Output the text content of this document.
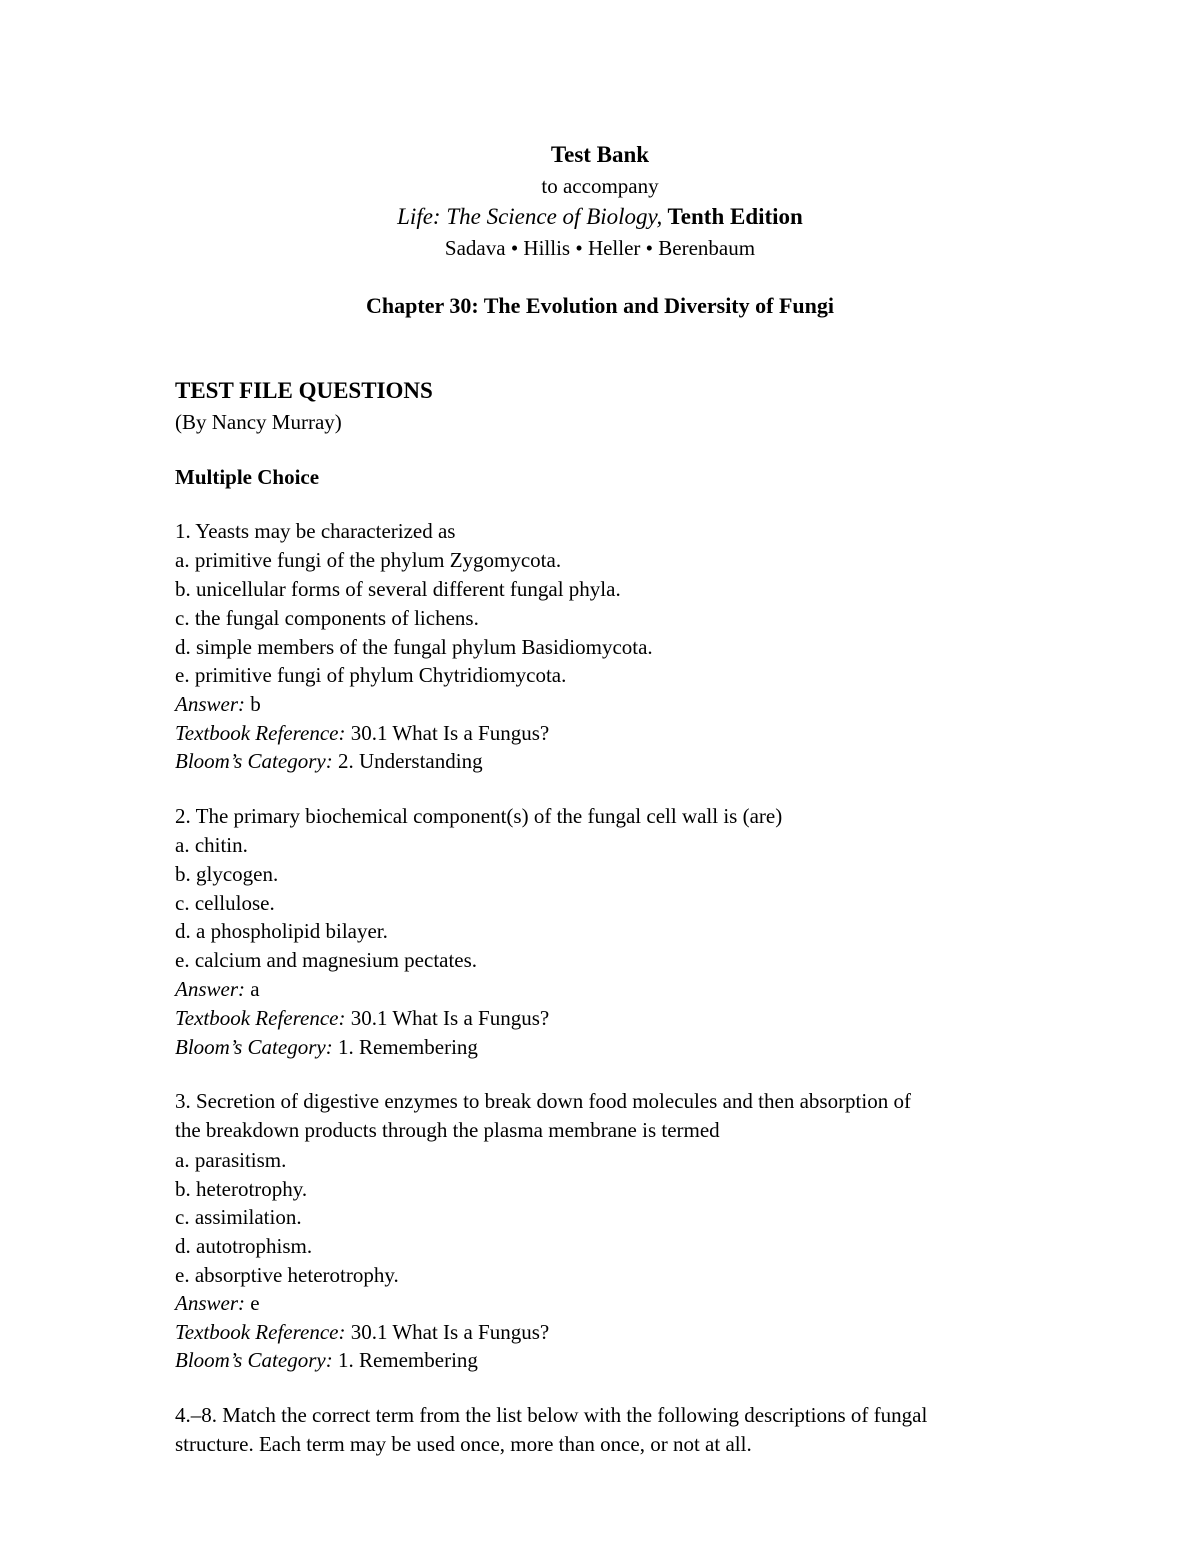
Test Bank
to accompany
Life: The Science of Biology, Tenth Edition
Sadava • Hillis • Heller • Berenbaum
Chapter 30: The Evolution and Diversity of Fungi
TEST FILE QUESTIONS
(By Nancy Murray)
Multiple Choice
1. Yeasts may be characterized as
a. primitive fungi of the phylum Zygomycota.
b. unicellular forms of several different fungal phyla.
c. the fungal components of lichens.
d. simple members of the fungal phylum Basidiomycota.
e. primitive fungi of phylum Chytridiomycota.
Answer: b
Textbook Reference: 30.1 What Is a Fungus?
Bloom’s Category: 2. Understanding
2. The primary biochemical component(s) of the fungal cell wall is (are)
a. chitin.
b. glycogen.
c. cellulose.
d. a phospholipid bilayer.
e. calcium and magnesium pectates.
Answer: a
Textbook Reference: 30.1 What Is a Fungus?
Bloom’s Category: 1. Remembering
3. Secretion of digestive enzymes to break down food molecules and then absorption of
the breakdown products through the plasma membrane is termed
a. parasitism.
b. heterotrophy.
c. assimilation.
d. autotrophism.
e. absorptive heterotrophy.
Answer: e
Textbook Reference: 30.1 What Is a Fungus?
Bloom’s Category: 1. Remembering
4.–8. Match the correct term from the list below with the following descriptions of fungal
structure. Each term may be used once, more than once, or not at all.
